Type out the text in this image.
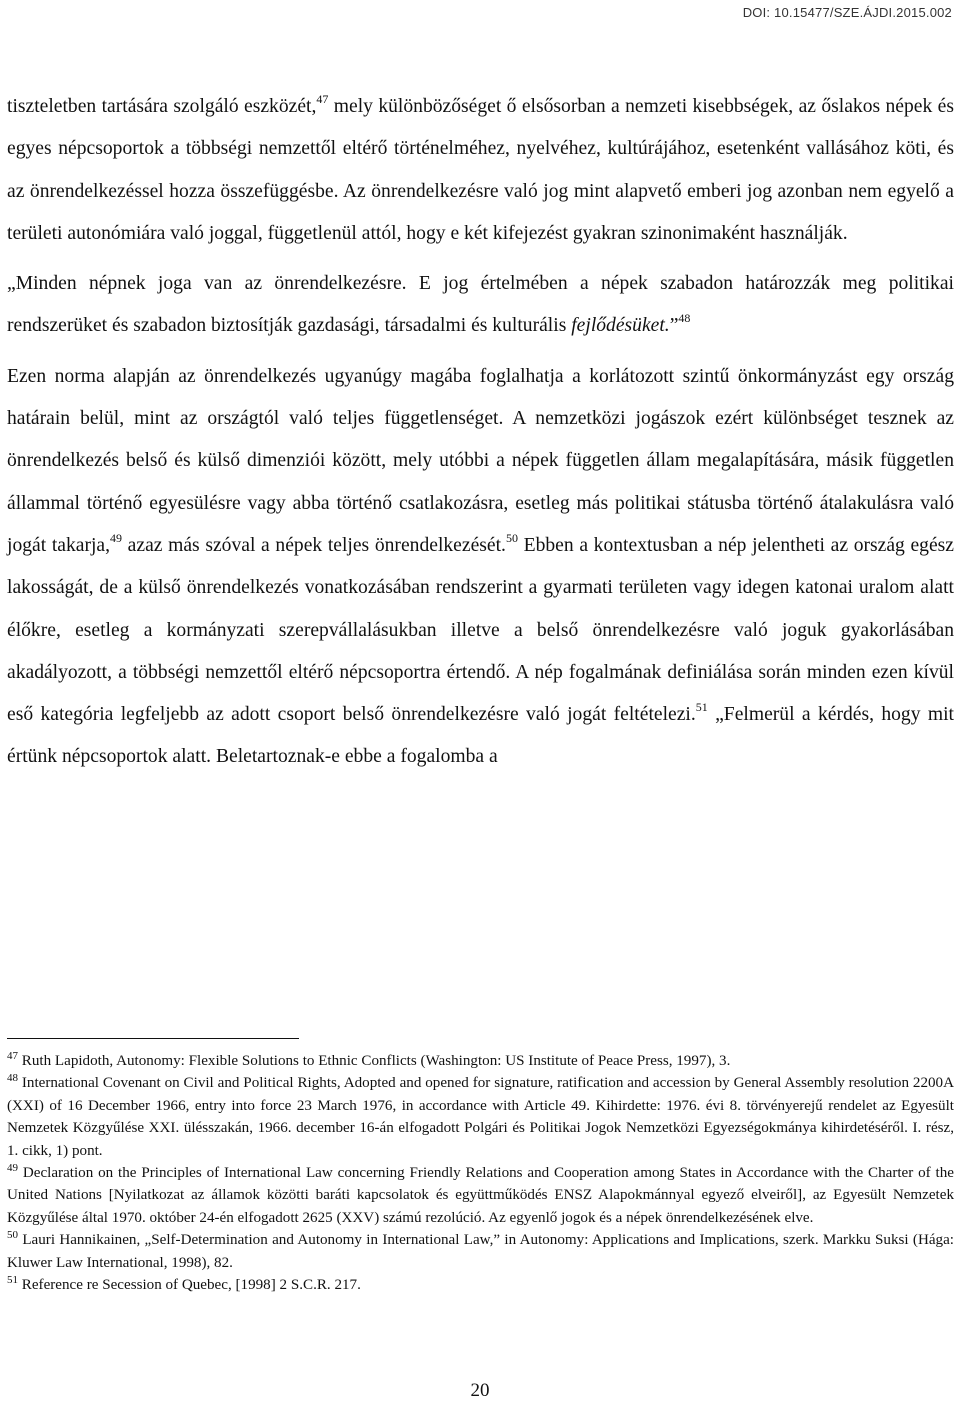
DOI: 10.15477/SZE.ÁJDI.2015.002

tiszteletben tartására szolgáló eszközét,$^{47}$ mely különbözőséget ő elsősorban a nemzeti kisebbségek, az őslakos népek és egyes népcsoportok a többségi nemzettől eltérő történelméhez, nyelvéhez, kultúrájához, esetenként vallásához köti, és az önrendelkezéssel hozza összefüggésbe. Az önrendelkezésre való jog mint alapvető emberi jog azonban nem egyelő a területi autonómiára való joggal, függetlenül attól, hogy e két kifejezést gyakran szinonimaként használják.

„Minden népnek joga van az önrendelkezésre. E jog értelmében a népek szabadon határozzák meg politikai rendszerüket és szabadon biztosítják gazdasági, társadalmi és kulturális fejlődésüket.”$^{48}$

Ezen norma alapján az önrendelkezés ugyanúgy magába foglalhatja a korlátozott szintű önkormányzást egy ország határain belül, mint az országtól való teljes függetlenséget. A nemzetközi jogászok ezért különbséget tesznek az önrendelkezés belső és külső dimenziói között, mely utóbbi a népek független állam megalapítására, másik független állammal történő egyesülésre vagy abba történő csatlakozásra, esetleg más politikai státusba történő átalakulásra való jogát takarja,$^{49}$ azaz más szóval a népek teljes önrendelkezését.$^{50}$ Ebben a kontextusban a nép jelentheti az ország egész lakosságát, de a külső önrendelkezés vonatkozásában rendszerint a gyarmati területen vagy idegen katonai uralom alatt élőkre, esetleg a kormányzati szerepvállalásukban illetve a belső önrendelkezésre való joguk gyakorlásában akadályozott, a többségi nemzettől eltérő népcsoportra értendő. A nép fogalmának definiálása során minden ezen kívül eső kategória legfeljebb az adott csoport belső önrendelkezésre való jogát feltételezi.$^{51}$ „Felmerül a kérdés, hogy mit értünk népcsoportok alatt. Beletartoznak-e ebbe a fogalomba a

$^{47}$ Ruth Lapidoth, Autonomy: Flexible Solutions to Ethnic Conflicts (Washington: US Institute of Peace Press, 1997), 3.

$^{48}$ International Covenant on Civil and Political Rights, Adopted and opened for signature, ratification and accession by General Assembly resolution 2200A (XXI) of 16 December 1966, entry into force 23 March 1976, in accordance with Article 49. Kihirdette: 1976. évi 8. törvényerejű rendelet az Egyesült Nemzetek Közgyűlése XXI. ülésszakán, 1966. december 16-án elfogadott Polgári és Politikai Jogok Nemzetközi Egyezségokmánya kihirdetéséről. I. rész, 1. cikk, 1) pont.

$^{49}$ Declaration on the Principles of International Law concerning Friendly Relations and Cooperation among States in Accordance with the Charter of the United Nations [Nyilatkozat az államok közötti baráti kapcsolatok és együttműködés ENSZ Alapokmánnyal egyező elveiről], az Egyesült Nemzetek Közgyűlése által 1970. október 24-én elfogadott 2625 (XXV) számú rezolúció. Az egyenlő jogok és a népek önrendelkezésének elve.

$^{50}$ Lauri Hannikainen, „Self-Determination and Autonomy in International Law,” in Autonomy: Applications and Implications, szerk. Markku Suksi (Hága: Kluwer Law International, 1998), 82.

$^{51}$ Reference re Secession of Quebec, [1998] 2 S.C.R. 217.

20
